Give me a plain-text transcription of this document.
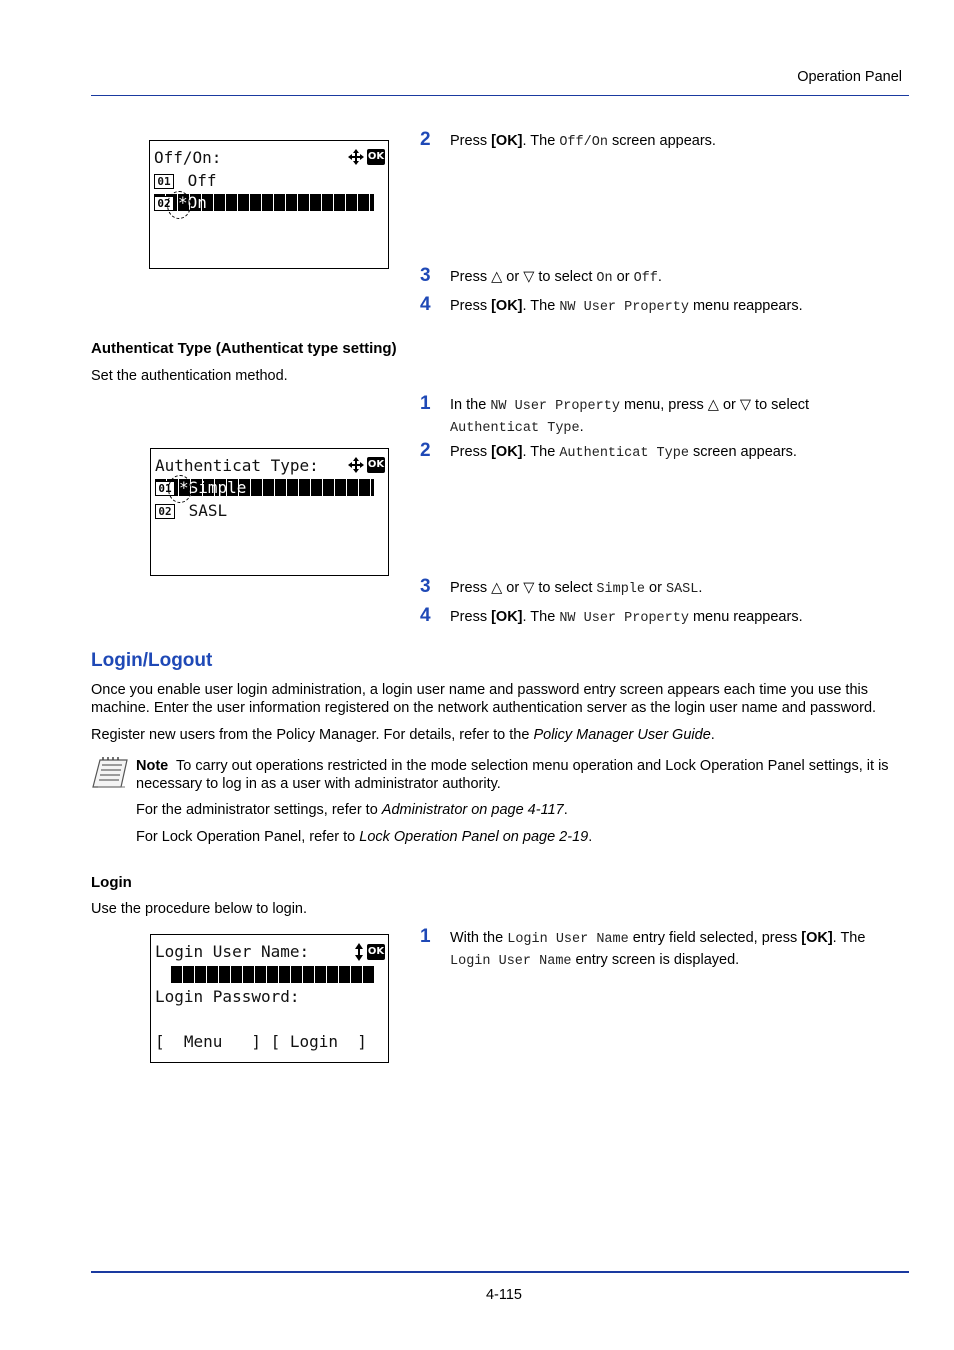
Operation Panel
Off/On:	OK
01 Off
02 *On
2	Press [OK]. The Off/On screen appears.
3	Press △ or ▽ to select On or Off.
4	Press [OK]. The NW User Property menu reappears.
Authenticat Type (Authenticat type setting)
Set the authentication method.
1	In the NW User Property menu, press △ or ▽ to select
Authenticat Type.
2	Press [OK]. The Authenticat Type screen appears.
Authenticat Type:	OK
01 *Simple
02 SASL
3	Press △ or ▽ to select Simple or SASL.
4	Press [OK]. The NW User Property menu reappears.
Login/Logout
Once you enable user login administration, a login user name and password entry screen appears each time you use this machine. Enter the user information registered on the network authentication server as the login user name and password.
Register new users from the Policy Manager. For details, refer to the Policy Manager User Guide.
Note To carry out operations restricted in the mode selection menu operation and Lock Operation Panel settings, it is necessary to log in as a user with administrator authority.
For the administrator settings, refer to Administrator on page 4-117.
For Lock Operation Panel, refer to Lock Operation Panel on page 2-19.
Login
Use the procedure below to login.
Login User Name:	OK
Login Password:
[  Menu   ] [ Login  ]
1	With the Login User Name entry field selected, press [OK]. The
Login User Name entry screen is displayed.
4-115
